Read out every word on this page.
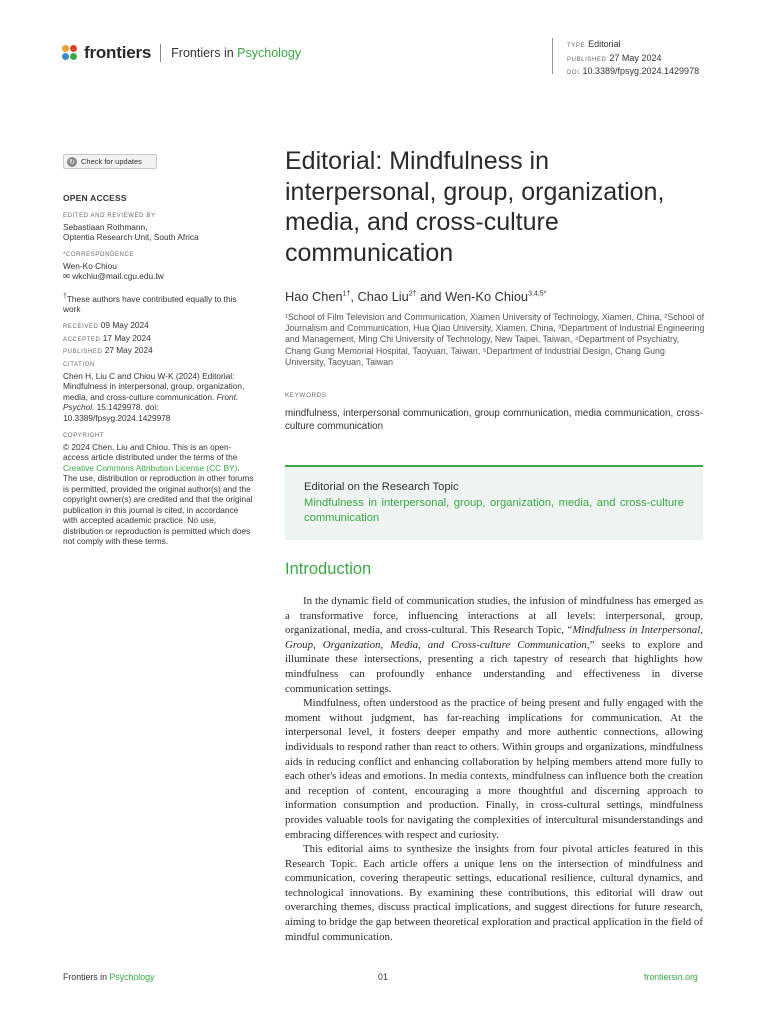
frontiers Frontiers in Psychology	TYPE Editorial
PUBLISHED 27 May 2024
DOI 10.3389/fpsyg.2024.1429978
↻ Check for updates
OPEN ACCESS
EDITED AND REVIEWED BY
Sebastiaan Rothmann,
Optentia Research Unit, South Africa
*CORRESPONDENCE
Wen-Ko Chiou
✉ wkchiu@mail.cgu.edu.tw
†These authors have contributed equally to this work
RECEIVED 09 May 2024
ACCEPTED 17 May 2024
PUBLISHED 27 May 2024
CITATION
Chen H, Liu C and Chiou W-K (2024) Editorial: Mindfulness in interpersonal, group, organization, media, and cross-culture communication. Front. Psychol. 15:1429978. doi: 10.3389/fpsyg.2024.1429978
COPYRIGHT
© 2024 Chen, Liu and Chiou. This is an open-access article distributed under the terms of the Creative Commons Attribution License (CC BY). The use, distribution or reproduction in other forums is permitted, provided the original author(s) and the copyright owner(s) are credited and that the original publication in this journal is cited, in accordance with accepted academic practice. No use, distribution or reproduction is permitted which does not comply with these terms.
Editorial: Mindfulness in interpersonal, group, organization, media, and cross-culture communication
Hao Chen$^{1\dagger}$, Chao Liu$^{2\dagger}$ and Wen-Ko Chiou$^{3,4,5*}$
¹School of Film Television and Communication, Xiamen University of Technology, Xiamen, China, ²School of Journalism and Communication, Hua Qiao University, Xiamen, China, ³Department of Industrial Engineering and Management, Ming Chi University of Technology, New Taipei, Taiwan, ⁴Department of Psychiatry, Chang Gung Memorial Hospital, Taoyuan, Taiwan, ⁵Department of Industrial Design, Chang Gung University, Taoyuan, Taiwan
KEYWORDS
mindfulness, interpersonal communication, group communication, media communication, cross-culture communication
Editorial on the Research Topic
Mindfulness in interpersonal, group, organization, media, and cross-culture communication
Introduction

In the dynamic field of communication studies, the infusion of mindfulness has emerged as a transformative force, influencing interactions at all levels: interpersonal, group, organizational, media, and cross-cultural. This Research Topic, “Mindfulness in Interpersonal, Group, Organization, Media, and Cross-culture Communication,” seeks to explore and illuminate these intersections, presenting a rich tapestry of research that highlights how mindfulness can profoundly enhance understanding and effectiveness in diverse communication settings.

Mindfulness, often understood as the practice of being present and fully engaged with the moment without judgment, has far-reaching implications for communication. At the interpersonal level, it fosters deeper empathy and more authentic connections, allowing individuals to respond rather than react to others. Within groups and organizations, mindfulness aids in reducing conflict and enhancing collaboration by helping members attend more fully to each other's ideas and emotions. In media contexts, mindfulness can influence both the creation and reception of content, encouraging a more thoughtful and discerning approach to information consumption and production. Finally, in cross-cultural settings, mindfulness provides valuable tools for navigating the complexities of intercultural misunderstandings and embracing differences with respect and curiosity.

This editorial aims to synthesize the insights from four pivotal articles featured in this Research Topic. Each article offers a unique lens on the intersection of mindfulness and communication, covering therapeutic settings, educational resilience, cultural dynamics, and technological innovations. By examining these contributions, this editorial will draw out overarching themes, discuss practical implications, and suggest directions for future research, aiming to bridge the gap between theoretical exploration and practical application in the field of mindful communication.

Frontiers in Psychology	01	frontiersin.org
